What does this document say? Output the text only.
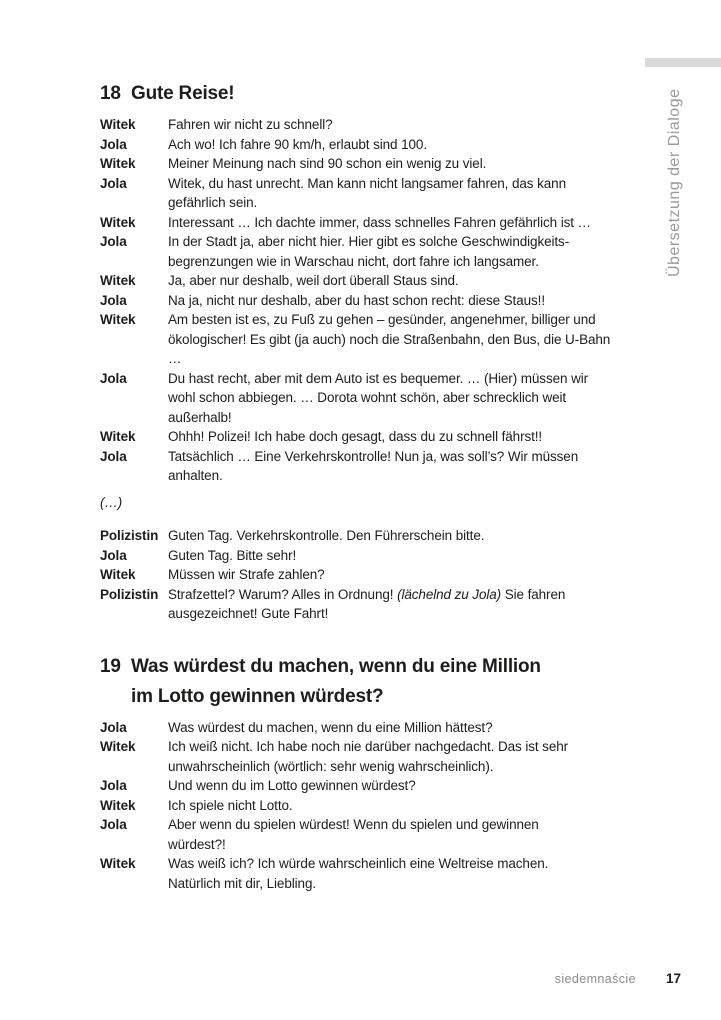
Übersetzung der Dialoge
18 Gute Reise!
Witek	Fahren wir nicht zu schnell?
Jola	Ach wo! Ich fahre 90 km/h, erlaubt sind 100.
Witek	Meiner Meinung nach sind 90 schon ein wenig zu viel.
Jola	Witek, du hast unrecht. Man kann nicht langsamer fahren, das kann
gefährlich sein.
Witek	Interessant … Ich dachte immer, dass schnelles Fahren gefährlich ist …
Jola	In der Stadt ja, aber nicht hier. Hier gibt es solche Geschwindigkeits-
begrenzungen wie in Warschau nicht, dort fahre ich langsamer.
Witek	Ja, aber nur deshalb, weil dort überall Staus sind.
Jola	Na ja, nicht nur deshalb, aber du hast schon recht: diese Staus!!
Witek	Am besten ist es, zu Fuß zu gehen – gesünder, angenehmer, billiger und
ökologischer! Es gibt (ja auch) noch die Straßenbahn, den Bus, die U-Bahn
…
Jola	Du hast recht, aber mit dem Auto ist es bequemer. … (Hier) müssen wir
wohl schon abbiegen. … Dorota wohnt schön, aber schrecklich weit
außerhalb!
Witek	Ohhh! Polizei! Ich habe doch gesagt, dass du zu schnell fährst!!
Jola	Tatsächlich … Eine Verkehrskontrolle! Nun ja, was soll’s? Wir müssen
anhalten.
(…)
Polizistin Guten Tag. Verkehrskontrolle. Den Führerschein bitte.
Jola	Guten Tag. Bitte sehr!
Witek	Müssen wir Strafe zahlen?
Polizistin Strafzettel? Warum? Alles in Ordnung! (lächelnd zu Jola) Sie fahren
ausgezeichnet! Gute Fahrt!
19 Was würdest du machen, wenn du eine Million
im Lotto gewinnen würdest?
Jola	Was würdest du machen, wenn du eine Million hättest?
Witek	Ich weiß nicht. Ich habe noch nie darüber nachgedacht. Das ist sehr
unwahrscheinlich (wörtlich: sehr wenig wahrscheinlich).
Jola	Und wenn du im Lotto gewinnen würdest?
Witek	Ich spiele nicht Lotto.
Jola	Aber wenn du spielen würdest! Wenn du spielen und gewinnen
würdest?!
Witek	Was weiß ich? Ich würde wahrscheinlich eine Weltreise machen.
Natürlich mit dir, Liebling.
siedemnaście 17
